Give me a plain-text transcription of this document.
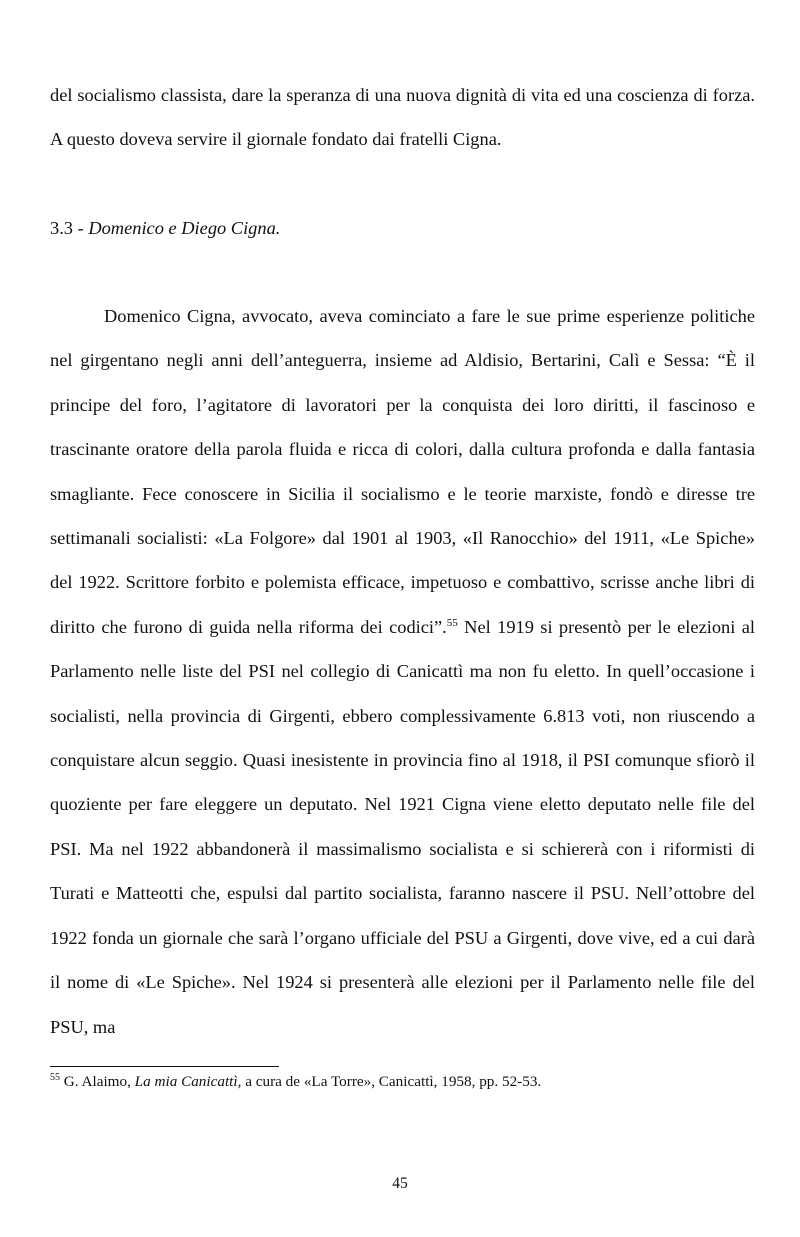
del socialismo classista, dare la speranza di una nuova dignità di vita ed una coscienza di forza. A questo doveva servire il giornale fondato dai fratelli Cigna.

3.3 - Domenico e Diego Cigna.

Domenico Cigna, avvocato, aveva cominciato a fare le sue prime esperienze politiche nel girgentano negli anni dell’anteguerra, insieme ad Aldisio, Bertarini, Calì e Sessa: “È il principe del foro, l’agitatore di lavoratori per la conquista dei loro diritti, il fascinoso e trascinante oratore della parola fluida e ricca di colori, dalla cultura profonda e dalla fantasia smagliante. Fece conoscere in Sicilia il socialismo e le teorie marxiste, fondò e diresse tre settimanali socialisti: «La Folgore» dal 1901 al 1903, «Il Ranocchio» del 1911, «Le Spiche» del 1922. Scrittore forbito e polemista efficace, impetuoso e combattivo, scrisse anche libri di diritto che furono di guida nella riforma dei codici”.$^{55}$ Nel 1919 si presentò per le elezioni al Parlamento nelle liste del PSI nel collegio di Canicattì ma non fu eletto. In quell’occasione i socialisti, nella provincia di Girgenti, ebbero complessivamente 6.813 voti, non riuscendo a conquistare alcun seggio. Quasi inesistente in provincia fino al 1918, il PSI comunque sfiorò il quoziente per fare eleggere un deputato. Nel 1921 Cigna viene eletto deputato nelle file del PSI. Ma nel 1922 abbandonerà il massimalismo socialista e si schiererà con i riformisti di Turati e Matteotti che, espulsi dal partito socialista, faranno nascere il PSU. Nell’ottobre del 1922 fonda un giornale che sarà l’organo ufficiale del PSU a Girgenti, dove vive, ed a cui darà il nome di «Le Spiche». Nel 1924 si presenterà alle elezioni per il Parlamento nelle file del PSU, ma

$^{55}$ G. Alaimo, La mia Canicattì, a cura de «La Torre», Canicattì, 1958, pp. 52-53.
45
